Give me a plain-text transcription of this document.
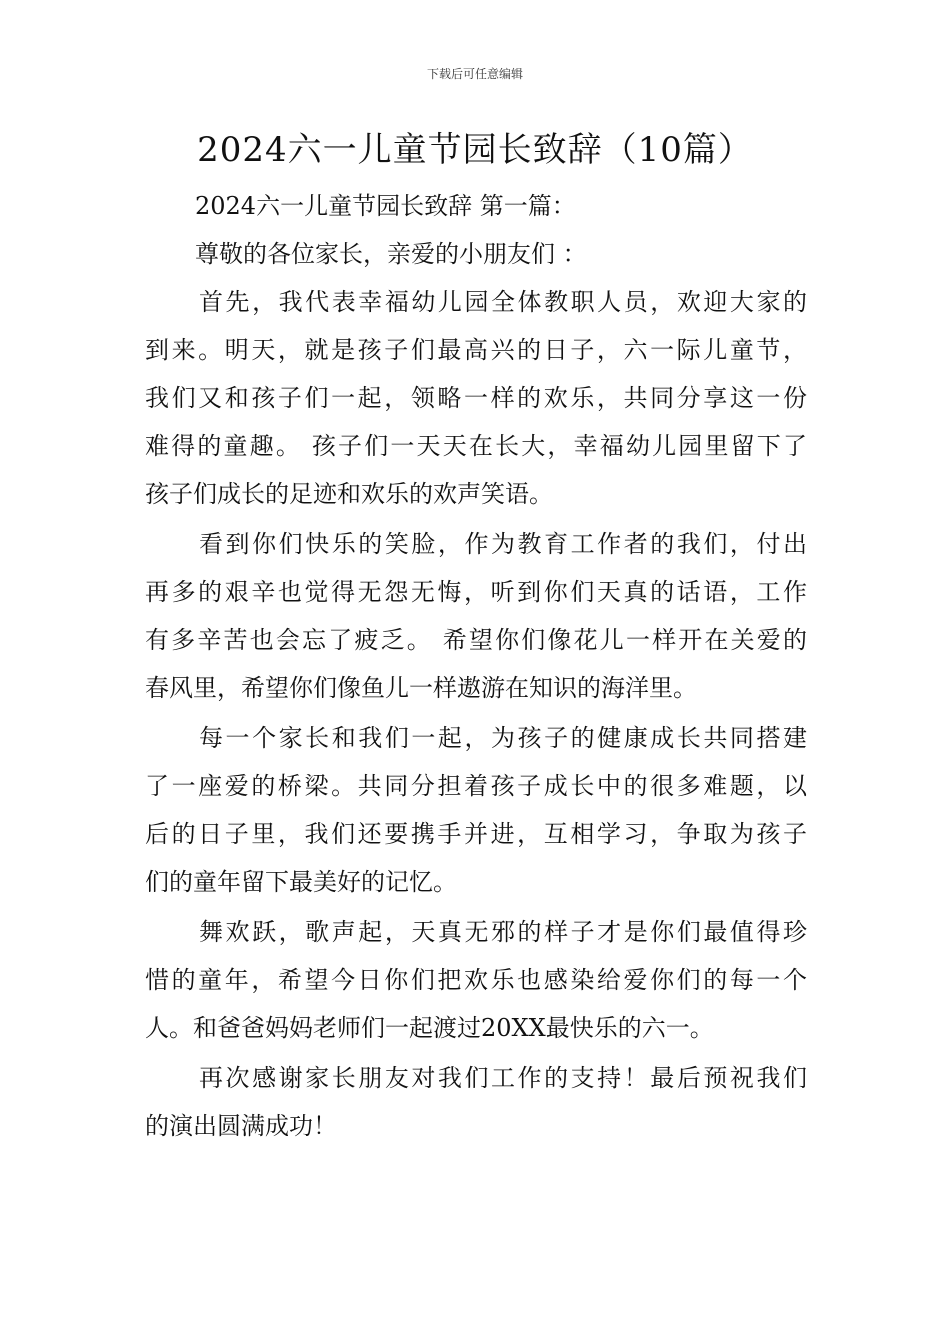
下载后可任意编辑
2024六一儿童节园长致辞（10篇）
2024六一儿童节园长致辞 第一篇：
尊敬的各位家长，亲爱的小朋友们 ：
首先，我代表幸福幼儿园全体教职人员，欢迎大家的
到来。明天，就是孩子们最高兴的日子，六一际儿童节，
我们又和孩子们一起，领略一样的欢乐，共同分享这一份
难得的童趣。 孩子们一天天在长大，幸福幼儿园里留下了
孩子们成长的足迹和欢乐的欢声笑语。
看到你们快乐的笑脸，作为教育工作者的我们，付出
再多的艰辛也觉得无怨无悔，听到你们天真的话语，工作
有多辛苦也会忘了疲乏。 希望你们像花儿一样开在关爱的
春风里，希望你们像鱼儿一样遨游在知识的海洋里。
每一个家长和我们一起，为孩子的健康成长共同搭建
了一座爱的桥梁。共同分担着孩子成长中的很多难题，以
后的日子里，我们还要携手并进，互相学习，争取为孩子
们的童年留下最美好的记忆。
舞欢跃，歌声起，天真无邪的样子才是你们最值得珍
惜的童年，希望今日你们把欢乐也感染给爱你们的每一个
人。和爸爸妈妈老师们一起渡过20XX最快乐的六一。
再次感谢家长朋友对我们工作的支持！最后预祝我们
的演出圆满成功！
